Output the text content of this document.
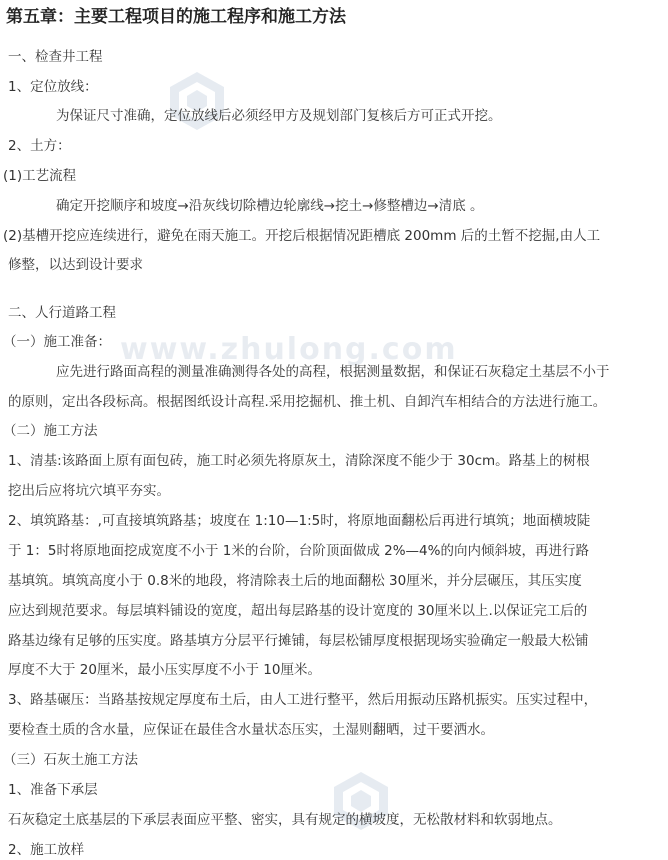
www.zhulong.com
第五章：主要工程项目的施工程序和施工方法
一、检查井工程
1、定位放线：
为保证尺寸准确，定位放线后必须经甲方及规划部门复核后方可正式开挖。
2、土方：
(1)工艺流程
确定开挖顺序和坡度→沿灰线切除槽边轮廓线→挖土→修整槽边→清底 。
(2)基槽开挖应连续进行，避免在雨天施工。开挖后根据情况距槽底 200mm 后的土暂不挖掘,由人工
修整，以达到设计要求
二、人行道路工程
（一）施工准备：
应先进行路面高程的测量准确测得各处的高程，根据测量数据，和保证石灰稳定土基层不小于
的原则，定出各段标高。根据图纸设计高程.采用挖掘机、推土机、自卸汽车相结合的方法进行施工。
（二）施工方法
1、清基:该路面上原有面包砖，施工时必须先将原灰土，清除深度不能少于 30cm。路基上的树根
挖出后应将坑穴填平夯实。
2、填筑路基：,可直接填筑路基；坡度在 1:10—1:5时，将原地面翻松后再进行填筑；地面横坡陡
于 1：5时将原地面挖成宽度不小于 1米的台阶，台阶顶面做成 2%—4%的向内倾斜坡，再进行路
基填筑。填筑高度小于 0.8米的地段，将清除表土后的地面翻松 30厘米，并分层碾压，其压实度
应达到规范要求。每层填料铺设的宽度，超出每层路基的设计宽度的 30厘米以上.以保证完工后的
路基边缘有足够的压实度。路基填方分层平行摊铺，每层松铺厚度根据现场实验确定一般最大松铺
厚度不大于 20厘米，最小压实厚度不小于 10厘米。
3、路基碾压：当路基按规定厚度布土后，由人工进行整平，然后用振动压路机振实。压实过程中，
要检查土质的含水量，应保证在最佳含水量状态压实，土湿则翻晒，过干要洒水。
（三）石灰土施工方法
1、准备下承层
石灰稳定土底基层的下承层表面应平整、密实，具有规定的横坡度，无松散材料和软弱地点。
2、施工放样
